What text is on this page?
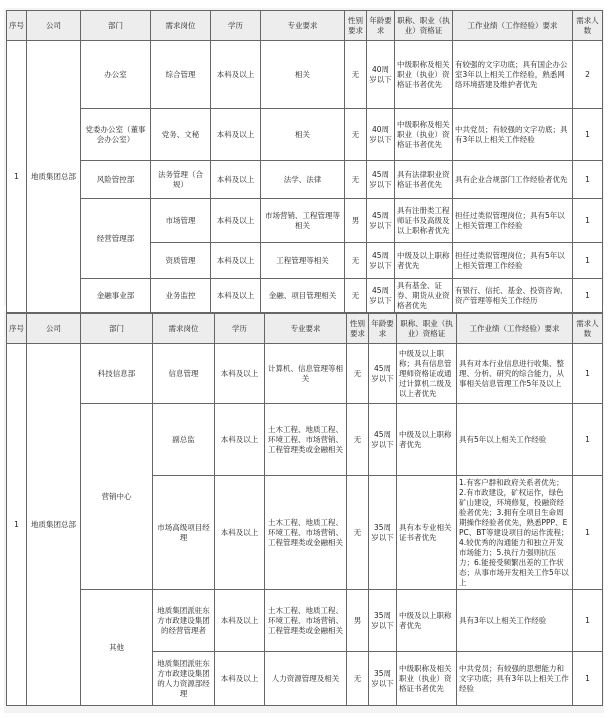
序号	公司	部门	需求岗位	学历	专业要求	性别要求	年龄要求	职称、职业（执业）资格证	工作业绩（工作经验）要求	需求人数
1	地质集团总部	办公室	综合管理	本科及以上	相关	无	40周岁以下	中级职称及相关职业（执业）资格证书者优先	有较强的文字功底；具有国企办公室3年以上相关工作经验，熟悉网络环境搭建及维护者优先	2
		党委办公室（董事会办公室）	党务、文秘	本科及以上	相关	无	40周岁以下	中级职称及相关职业（执业）资格证书者优先	中共党员；有较强的文字功底；具有3年以上相关工作经验	1
		风险管控部	法务管理（合规）	本科及以上	法学、法律	无	45周岁以下	具有法律职业资格证书者优先	具有企业合规部门工作经验者优先	1
		经营管理部	市场管理	本科及以上	市场营销、工程管理等相关	男	45周岁以下	具有注册类工程师证书及高级及以上职称者优先	担任过类似管理岗位；具有5年以上相关管理工作经验	1
			资质管理	本科及以上	工程管理等相关	无	45周岁以下	中级及以上职称者优先	担任过类似管理岗位；具有5年以上相关管理工作经验	1
		金融事业部	业务监控	本科及以上	金融、项目管理相关	无	45周岁以下	具有基金、证券、期货从业资格者优先	有银行、信托、基金、投资咨询、资产管理等相关工作经历	1
序号	公司	部门	需求岗位	学历	专业要求	性别要求	年龄要求	职称、职业（执业）资格证	工作业绩（工作经验）要求	需求人数
1	地质集团总部	科技信息部	信息管理	本科及以上	计算机、信息管理等相关	无	45周岁以下	中级及以上职称；具有信息管理师资格证或通过计算机二级及以上者优先	具有对本行业信息进行收集、整理、分析、研究的综合能力，从事相关信息管理工作5年及以上	1
		营销中心	副总监	本科及以上	土木工程、地质工程、环境工程、市场营销、工程管理类或金融相关	无	45周岁以下	中级及以上职称者优先	具有5年以上相关工作经验	1
			市场高级项目经理	本科及以上	土木工程、地质工程、环境工程、市场营销、工程管理类或金融相关	无	35周岁以下	具有本专业相关证书者优先	1.有客户群和政府关系者优先；2.有市政建设，矿权运作，绿色矿山建设，环境修复，投融资经验者优先；3.拥有全项目生命周期操作经验者优先，熟悉PPP、EPC、BT等建设项目的运作流程；4.较优秀的沟通能力和独立开发市场能力；5.执行力强则抗压力；6.能接受频繁出差的工作状态；从事市场开发相关工作5年以上	1
		其他	地质集团派驻东方市政建设集团的经营管理者	本科及以上	土木工程、地质工程、环境工程、市场营销、工程管理类或金融相关	男	35周岁以下	中级及以上职称者优先	具有3年以上相关工作经验	1
			地质集团派驻东方市政建设集团的人力资源部经理	本科及以上	人力资源管理及相关	无	35周岁以下	中级职称及相关职业（执业）资格证书者优先	中共党员；有较强的思想能力和文字功底；具有3年以上相关工作经验	1
